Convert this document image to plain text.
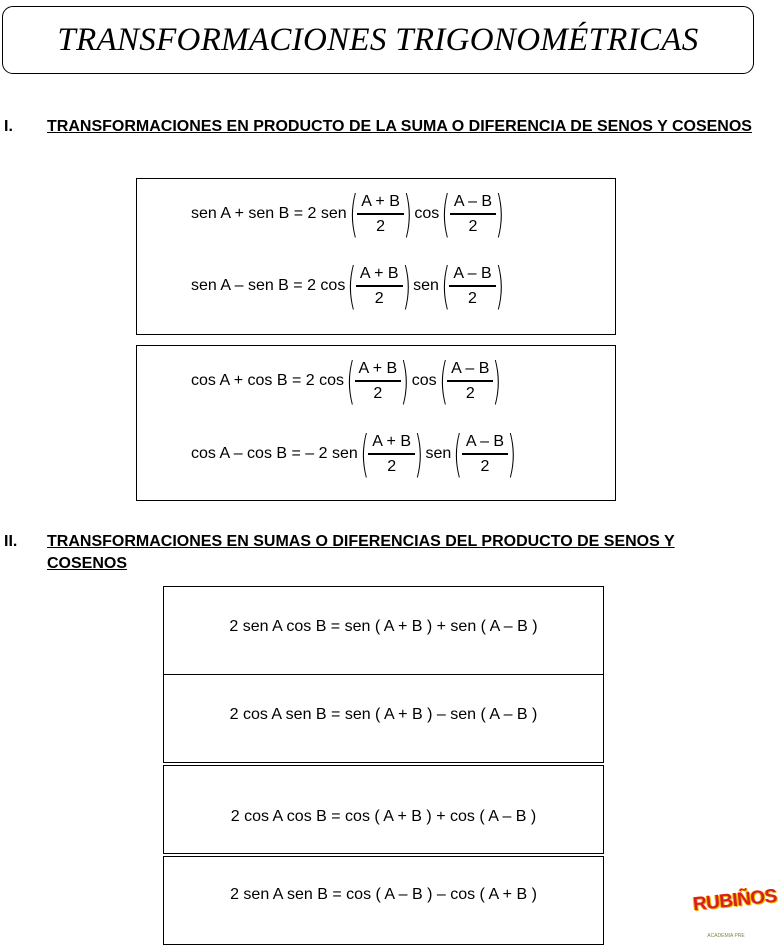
TRANSFORMACIONES TRIGONOMÉTRICAS
I. TRANSFORMACIONES EN PRODUCTO DE LA SUMA O DIFERENCIA DE SENOS Y COSENOS
sen A + sen B = 2 sen ( $\frac{A + B}{2}$ ) cos ( $\frac{A - B}{2}$ )
sen A – sen B = 2 cos ( $\frac{A + B}{2}$ ) sen ( $\frac{A - B}{2}$ )
cos A + cos B = 2 cos ( $\frac{A + B}{2}$ ) cos ( $\frac{A - B}{2}$ )
cos A – cos B = – 2 sen ( $\frac{A + B}{2}$ ) sen ( $\frac{A - B}{2}$ )
II. TRANSFORMACIONES EN SUMAS O DIFERENCIAS DEL PRODUCTO DE SENOS Y COSENOS
2 sen A cos B = sen ( A + B ) + sen ( A – B )
2 cos A sen B = sen ( A + B ) – sen ( A – B )
2 cos A cos B = cos ( A + B ) + cos ( A – B )
2 sen A sen B = cos ( A – B ) – cos ( A + B )	RUBIÑOS
ACADEMIA PRE
